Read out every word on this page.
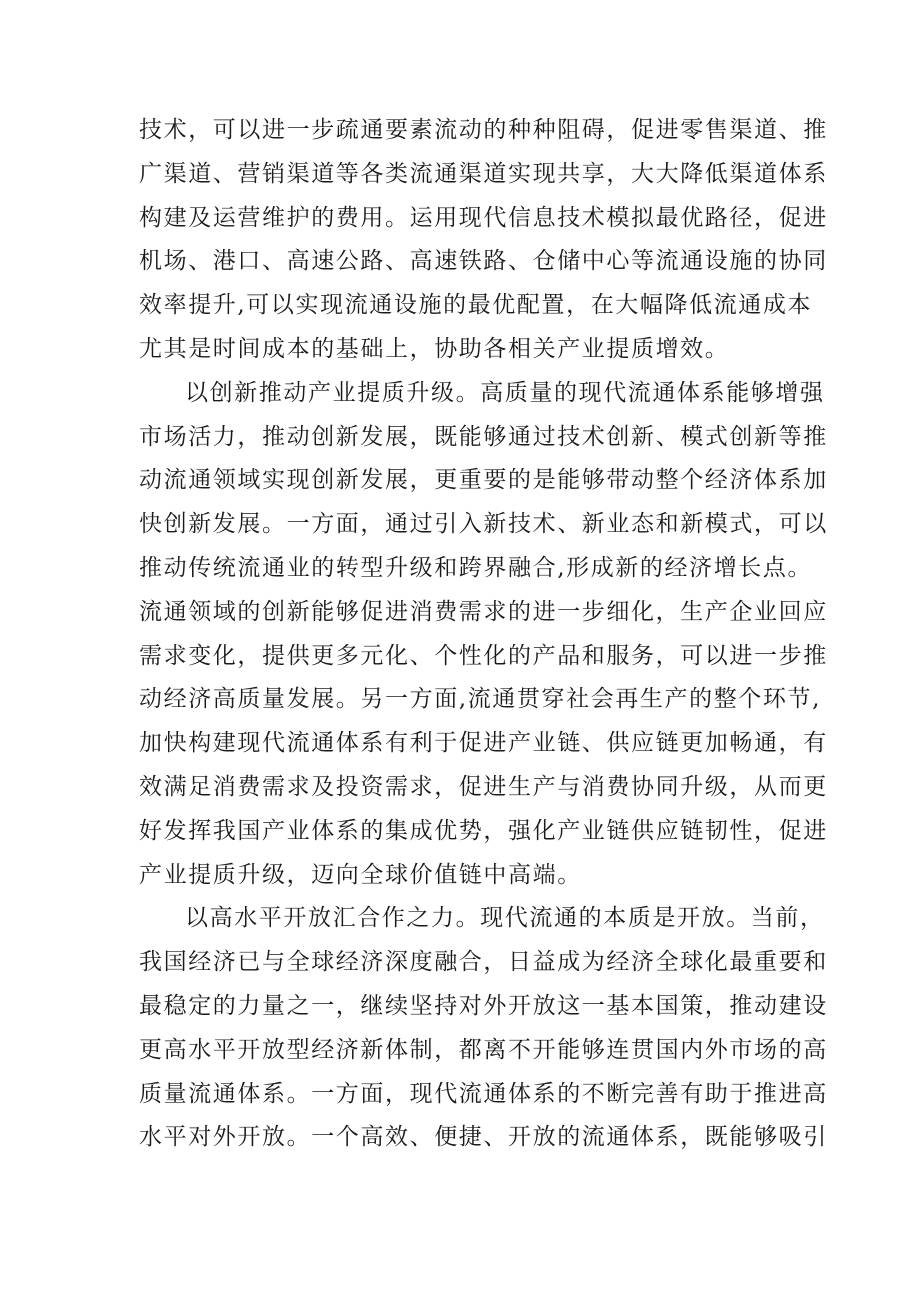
技术，可以进一步疏通要素流动的种种阻碍，促进零售渠道、推
广渠道、营销渠道等各类流通渠道实现共享，大大降低渠道体系
构建及运营维护的费用。运用现代信息技术模拟最优路径，促进
机场、港口、高速公路、高速铁路、仓储中心等流通设施的协同
效率提升,可以实现流通设施的最优配置，在大幅降低流通成本
尤其是时间成本的基础上，协助各相关产业提质增效。
以创新推动产业提质升级。高质量的现代流通体系能够增强
市场活力，推动创新发展，既能够通过技术创新、模式创新等推
动流通领域实现创新发展，更重要的是能够带动整个经济体系加
快创新发展。一方面，通过引入新技术、新业态和新模式，可以
推动传统流通业的转型升级和跨界融合,形成新的经济增长点。
流通领域的创新能够促进消费需求的进一步细化，生产企业回应
需求变化，提供更多元化、个性化的产品和服务，可以进一步推
动经济高质量发展。另一方面,流通贯穿社会再生产的整个环节,
加快构建现代流通体系有利于促进产业链、供应链更加畅通，有
效满足消费需求及投资需求，促进生产与消费协同升级，从而更
好发挥我国产业体系的集成优势，强化产业链供应链韧性，促进
产业提质升级，迈向全球价值链中高端。
以高水平开放汇合作之力。现代流通的本质是开放。当前，
我国经济已与全球经济深度融合，日益成为经济全球化最重要和
最稳定的力量之一，继续坚持对外开放这一基本国策，推动建设
更高水平开放型经济新体制，都离不开能够连贯国内外市场的高
质量流通体系。一方面，现代流通体系的不断完善有助于推进高
水平对外开放。一个高效、便捷、开放的流通体系，既能够吸引
